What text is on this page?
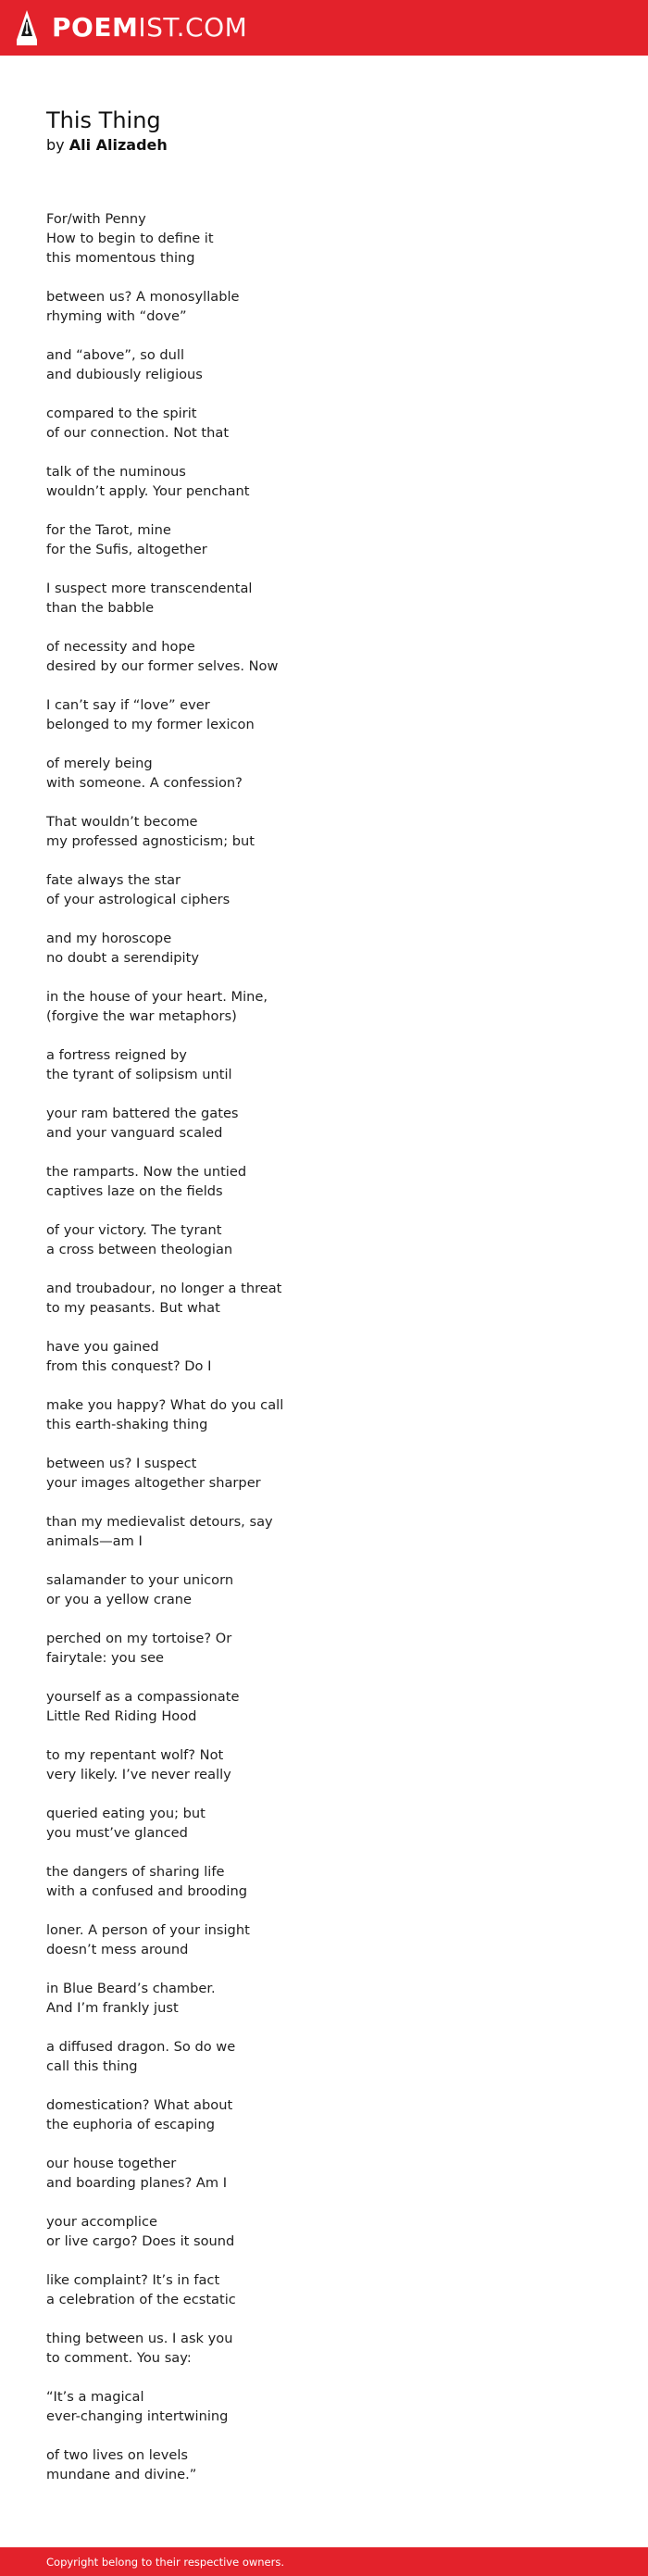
POEM IST.COM
This Thing
by Ali Alizadeh

For/with Penny
How to begin to define it
this momentous thing

between us? A monosyllable
rhyming with “dove”

and “above”, so dull
and dubiously religious

compared to the spirit
of our connection. Not that

talk of the numinous
wouldn’t apply. Your penchant

for the Tarot, mine
for the Sufis, altogether

I suspect more transcendental
than the babble

of necessity and hope
desired by our former selves. Now

I can’t say if “love” ever
belonged to my former lexicon

of merely being
with someone. A confession?

That wouldn’t become
my professed agnosticism; but

fate always the star
of your astrological ciphers

and my horoscope
no doubt a serendipity

in the house of your heart. Mine,
(forgive the war metaphors)

a fortress reigned by
the tyrant of solipsism until

your ram battered the gates
and your vanguard scaled

the ramparts. Now the untied
captives laze on the fields

of your victory. The tyrant
a cross between theologian

and troubadour, no longer a threat
to my peasants. But what

have you gained
from this conquest? Do I

make you happy? What do you call
this earth-shaking thing

between us? I suspect
your images altogether sharper

than my medievalist detours, say
animals—am I

salamander to your unicorn
or you a yellow crane

perched on my tortoise? Or
fairytale: you see

yourself as a compassionate
Little Red Riding Hood

to my repentant wolf? Not
very likely. I’ve never really

queried eating you; but
you must’ve glanced

the dangers of sharing life
with a confused and brooding

loner. A person of your insight
doesn’t mess around

in Blue Beard’s chamber.
And I’m frankly just

a diffused dragon. So do we
call this thing

domestication? What about
the euphoria of escaping

our house together
and boarding planes? Am I

your accomplice
or live cargo? Does it sound

like complaint? It’s in fact
a celebration of the ecstatic

thing between us. I ask you
to comment. You say:

“It’s a magical
ever-changing intertwining

of two lives on levels
mundane and divine.”

Copyright belong to their respective owners.
